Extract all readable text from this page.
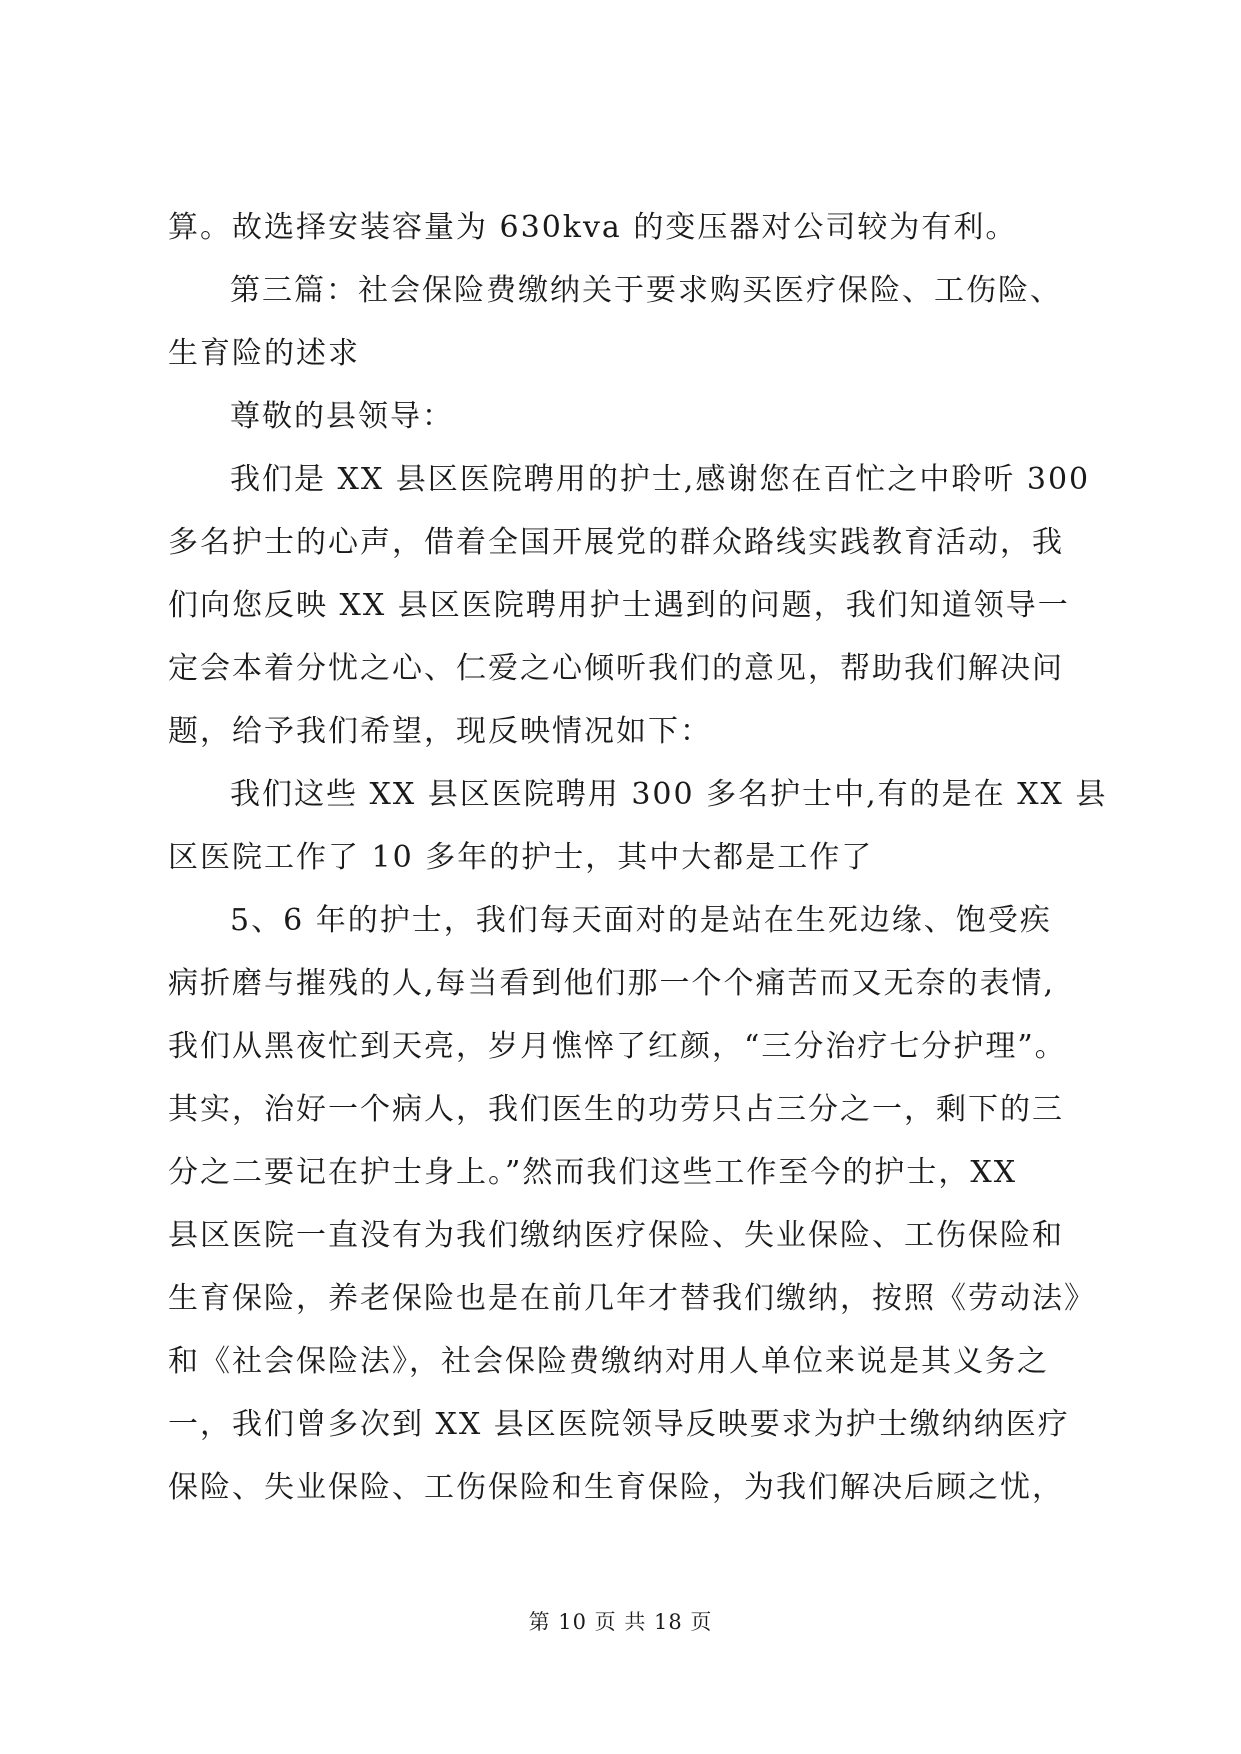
算。故选择安装容量为 630kva 的变压器对公司较为有利。
第三篇：社会保险费缴纳关于要求购买医疗保险、工伤险、
生育险的述求
尊敬的县领导：
我们是 XX 县区医院聘用的护士,感谢您在百忙之中聆听 300
多名护士的心声，借着全国开展党的群众路线实践教育活动，我
们向您反映 XX 县区医院聘用护士遇到的问题，我们知道领导一
定会本着分忧之心、仁爱之心倾听我们的意见，帮助我们解决问
题，给予我们希望，现反映情况如下：
我们这些 XX 县区医院聘用 300 多名护士中,有的是在 XX 县
区医院工作了 10 多年的护士，其中大都是工作了
5、6 年的护士，我们每天面对的是站在生死边缘、饱受疾
病折磨与摧残的人,每当看到他们那一个个痛苦而又无奈的表情,
我们从黑夜忙到天亮，岁月憔悴了红颜，“三分治疗七分护理”。
其实，治好一个病人，我们医生的功劳只占三分之一，剩下的三
分之二要记在护士身上。”然而我们这些工作至今的护士，XX
县区医院一直没有为我们缴纳医疗保险、失业保险、工伤保险和
生育保险，养老保险也是在前几年才替我们缴纳，按照《劳动法》
和《社会保险法》，社会保险费缴纳对用人单位来说是其义务之
一，我们曾多次到 XX 县区医院领导反映要求为护士缴纳纳医疗
保险、失业保险、工伤保险和生育保险，为我们解决后顾之忧，
第 10 页 共 18 页
